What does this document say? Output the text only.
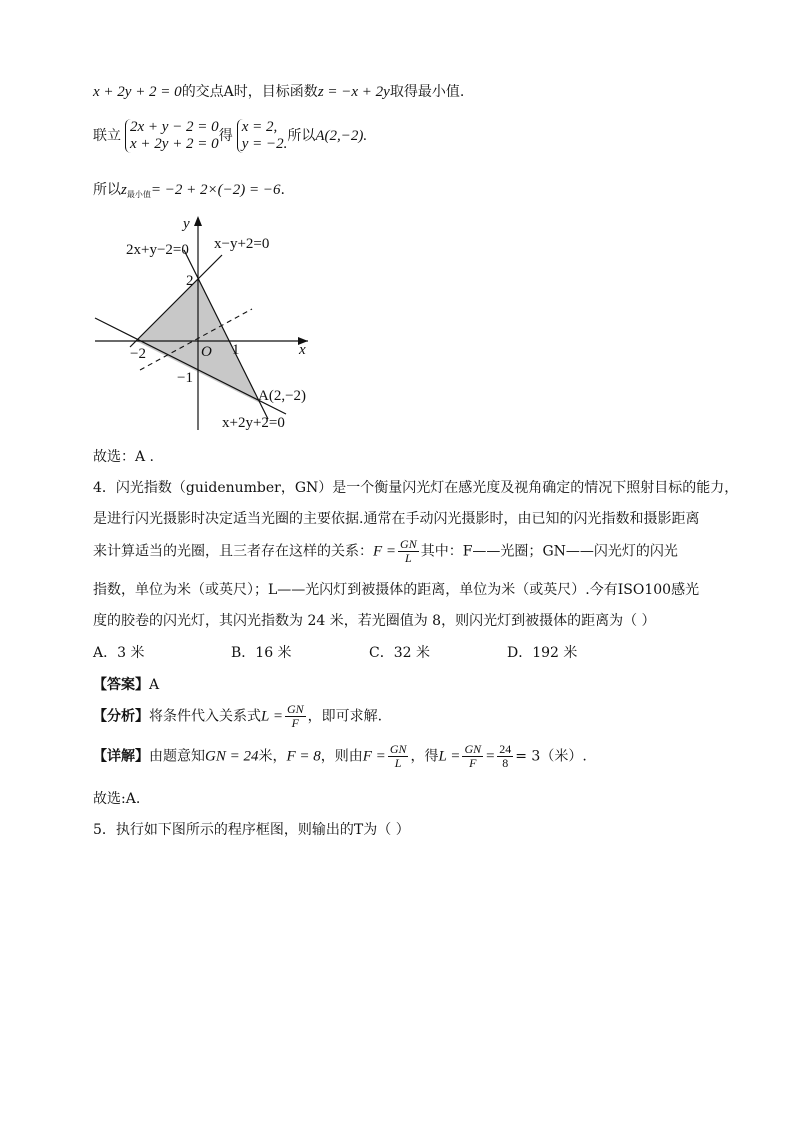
x + 2y + 2 = 0的交点A时，目标函数z = −x + 2y取得最小值.
联立
2x + y − 2 = 0
x + 2y + 2 = 0 得
x = 2,
y = −2. 所以A(2,−2).
所以$z_{最小值}= -2 + 2\times(-2) = -6$.
y
x
O
2
−2	1
−1
2x+y−2=0 x−y+2=0
x+2y+2=0
A(2,−2)
故选：A .
4．闪光指数（guidenumber，GN）是一个衡量闪光灯在感光度及视角确定的情况下照射目标的能力，
是进行闪光摄影时决定适当光圈的主要依据.通常在手动闪光摄影时，由已知的闪光指数和摄影距离
来计算适当的光圈，且三者存在这样的关系：$F = \frac{GN}{L}$ 其中：F——光圈；GN——闪光灯的闪光
指数，单位为米（或英尺）；L——光闪灯到被摄体的距离，单位为米（或英尺）.今有ISO100感光
度的胶卷的闪光灯，其闪光指数为 24 米，若光圈值为 8，则闪光灯到被摄体的距离为（ ）
A．3 米	B．16 米	C．32 米	D．192 米
【答案】A
【分析】将条件代入关系式$L = \frac{GN}{F}$ ，即可求解.
【详解】由题意知GN = 24米，F = 8，则由$F = \frac{GN}{L}$ ，得$L = \frac{GN}{F} = \frac{24}{8} = 3$（米）.
故选:A.
5．执行如下图所示的程序框图，则输出的T为（ ）
